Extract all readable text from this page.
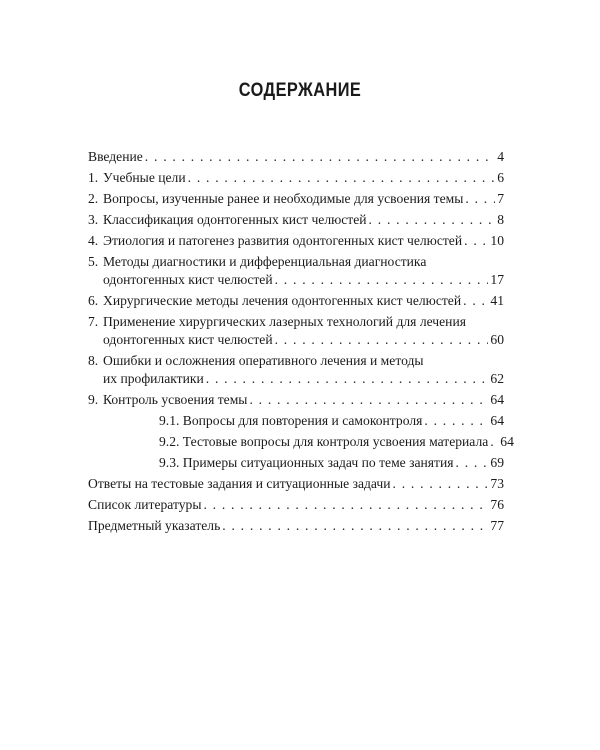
СОДЕРЖАНИЕ
Введение . . .	4
1. Учебные цели . . .	6
2. Вопросы, изученные ранее и необходимые для усвоения темы . . . 7
3. Классификация одонтогенных кист челюстей . . .	8
4. Этиология и патогенез развития одонтогенных кист челюстей . . . 10
5. Методы диагностики и дифференциальная диагностика
одонтогенных кист челюстей . . .	17
6. Хирургические методы лечения одонтогенных кист челюстей . . . 41
7. Применение хирургических лазерных технологий для лечения
одонтогенных кист челюстей . . .	60
8. Ошибки и осложнения оперативного лечения и методы
их профилактики . . .	62
9. Контроль усвоения темы . . .	64
9.1. Вопросы для повторения и самоконтроля . . .	64
9.2. Тестовые вопросы для контроля усвоения материала . . . 64
9.3. Примеры ситуационных задач по теме занятия . . .	69
Ответы на тестовые задания и ситуационные задачи . . .	73
Список литературы . . .	76
Предметный указатель . . .	77
